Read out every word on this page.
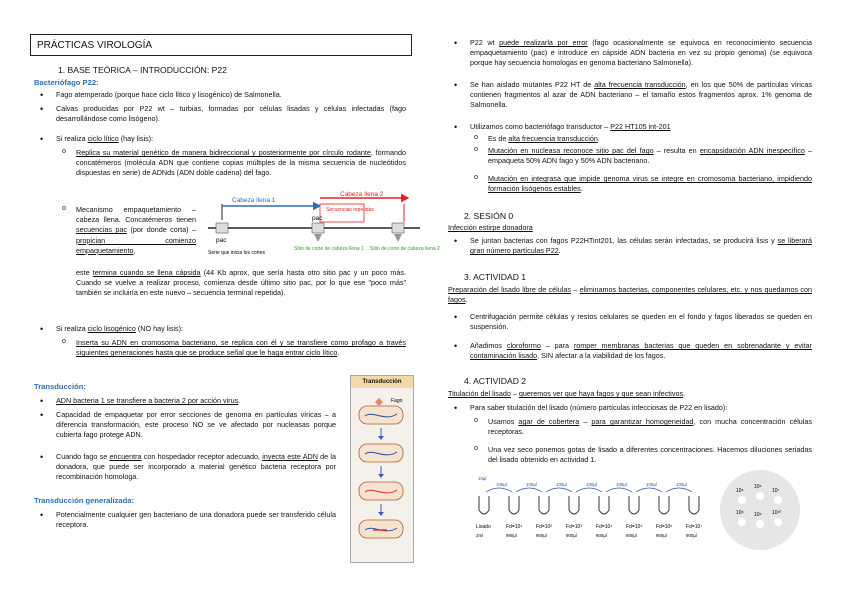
PRÁCTICAS VIROLOGÍA
1. BASE TEÓRICA – INTRODUCCIÓN: P22
Bacteriófago P22:
• Fago atemperado (porque hace ciclo lítico y lisogénico) de Salmonella.
• Calvas producidas por P22 wt – turbias, formadas por células lisadas y células infectadas (fago desarrollándose como lisógeno).
• Si realiza ciclo lítico (hay lisis):
o Replica su material genético de manera bidireccional y posteriormente por círculo rodante, formando concatémeros (molécula ADN que contiene copias múltiples de la misma secuencia de nucleótidos dispuestas en serie) de ADNds (ADN doble cadena) del fago.
o Mecanismo empaquetamiento – cabeza llena. Concatémeros tienen secuencias pac (por donde corta) – propician comienzo empaquetamiento,
este termina cuando se llena cápsida (44 Kb aprox, que sería hasta otro sitio pac y un poco más. Cuando se vuelve a realizar proceso, comienza desde último sitio pac, por lo que ese "poco más" también se incluiría en este nuevo – secuencia terminal repetida).
Cabeza llena 1
Cabeza llena 2
Secuencias repetidas
pac
pac
Serie que inicia los cortes
Sitio de corte de cabeza llena 1 Sitio de corte de cabeza llena 2
• Si realiza ciclo lisogénico (NO hay lisis):
o Inserta su ADN en cromosoma bacteriano, se replica con él y se transfiere como profago a través siguientes generaciones hasta que se produce señal que le haga entrar ciclo lítico.
Transducción:
• ADN bacteria 1 se transfiere a bacteria 2 por acción virus.
• Capacidad de empaquetar por error secciones de genoma en partículas víricas – a diferencia transformación, este proceso NO se ve afectado por nucleasas porque cubierta fago protege ADN.
• Cuando fago se encuentra con hospedador receptor adecuado, inyecta este ADN de la donadora, que puede ser incorporado a material genético bacteria receptora por recombinación homologa.
Transducción generalizada:
• Potencialmente cualquier gen bacteriano de una donadora puede ser transferido célula receptora.
Transducción
Fago
• P22 wt puede realizarla por error (fago ocasionalmente se equivoca en reconocimiento secuencia empaquetamiento (pac) e introduce en cápside ADN bacteria en vez su propio genoma) (se equivoca porque hay secuencia homologas en genoma bacteriano Salmonella).
• Se han aislado mutantes P22 HT de alta frecuencia transducción, en los que 50% de partículas víricas contienen fragmentos al azar de ADN bacteriano – el tamaño estos fragmentos aprox. 1% genoma de Salmonella.
• Utilizamos como bacteriófago transductor – P22 HT105 int-201
o Es de alta frecuencia transducción.
o Mutación en nucleasa reconoce sitio pac del fago – resulta en encapsidación ADN inespecífico – empaqueta 50% ADN fago y 50% ADN bacteriano.
o Mutación en integrasa que impide genoma virus se integre en cromosoma bacteriano, impidiendo formación lisógenos estables.
2. SESIÓN 0
Infección estirpe donadora
• Se juntan bacterias con fagos P22HTint201, las células serán infectadas, se producirá lisis y se liberará gran número partículas P22.
3. ACTIVIDAD 1
Preparación del lisado libre de células – eliminamos bacterias, componentes celulares, etc. y nos quedamos con fagos.
• Centrifugación permite células y restos celulares se queden en el fondo y fagos liberados se queden en suspensión.
• Añadimos cloroformo – para romper membranas bacterias que queden en sobrenadante y evitar contaminación lisado, SIN afectar a la viabilidad de los fagos.
4. ACTIVIDAD 2
Titulación del lisado – queremos ver que haya fagos y que sean infectivos.
• Para saber titulación del lisado (número partículas infecciosas de P22 en lisado):
o Usamos agar de cobertera – para garantizar homogeneidad, con mucha concentración células receptoras.
o Una vez seco ponemos gotas de lisado a diferentes concentraciones. Hacemos diluciones seriadas del lisado obtenido en actividad 1.
10µl
Lisado
2ml
100µl
Fd=10¹
990µl
100µl
Fd=10²
900µl
100µl
Fd=10³
900µl
100µl
Fd=10⁴
900µl
100µl
Fd=10⁵
900µl
100µl
Fd=10⁶
900µl
100µl
Fd=10⁷
900µl
10⁶
10⁵
10⁷
10⁸ 10⁹ 10¹⁰
